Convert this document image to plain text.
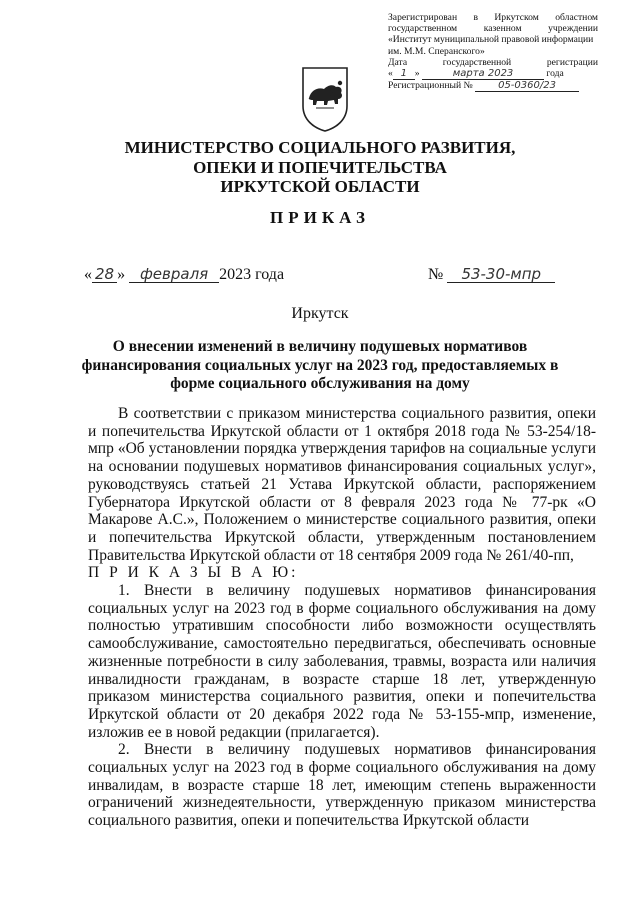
Зарегистрирован в Иркутском областном
государственном казенном учреждении
«Институт муниципальной правовой информации
им. М.М. Сперанского»
Дата государственной регистрации
« 1 »	марта 2023	года
Регистрационный №	05-0360/23
МИНИСТЕРСТВО СОЦИАЛЬНОГО РАЗВИТИЯ,
ОПЕКИ И ПОПЕЧИТЕЛЬСТВА
ИРКУТСКОЙ ОБЛАСТИ
ПРИКАЗ
« 28 » февраля 2023 года	№ 53-30-мпр
Иркутск
О внесении изменений в величину подушевых нормативов финансирования социальных услуг на 2023 год, предоставляемых в форме социального обслуживания на дому

В соответствии с приказом министерства социального развития, опеки и попечительства Иркутской области от 1 октября 2018 года № 53-254/18-мпр «Об установлении порядка утверждения тарифов на социальные услуги на основании подушевых нормативов финансирования социальных услуг», руководствуясь статьей 21 Устава Иркутской области, распоряжением Губернатора Иркутской области от 8 февраля 2023 года № 77-рк «О Макарове А.С.», Положением о министерстве социального развития, опеки и попечительства Иркутской области, утвержденным постановлением Правительства Иркутской области от 18 сентября 2009 года № 261/40-пп,

П Р И К А З Ы В А Ю:

1. Внести в величину подушевых нормативов финансирования социальных услуг на 2023 год в форме социального обслуживания на дому полностью утратившим способности либо возможности осуществлять самообслуживание, самостоятельно передвигаться, обеспечивать основные жизненные потребности в силу заболевания, травмы, возраста или наличия инвалидности гражданам, в возрасте старше 18 лет, утвержденную приказом министерства социального развития, опеки и попечительства Иркутской области от 20 декабря 2022 года № 53-155-мпр, изменение, изложив ее в новой редакции (прилагается).

2. Внести в величину подушевых нормативов финансирования социальных услуг на 2023 год в форме социального обслуживания на дому инвалидам, в возрасте старше 18 лет, имеющим степень выраженности ограничений жизнедеятельности, утвержденную приказом министерства социального развития, опеки и попечительства Иркутской области
